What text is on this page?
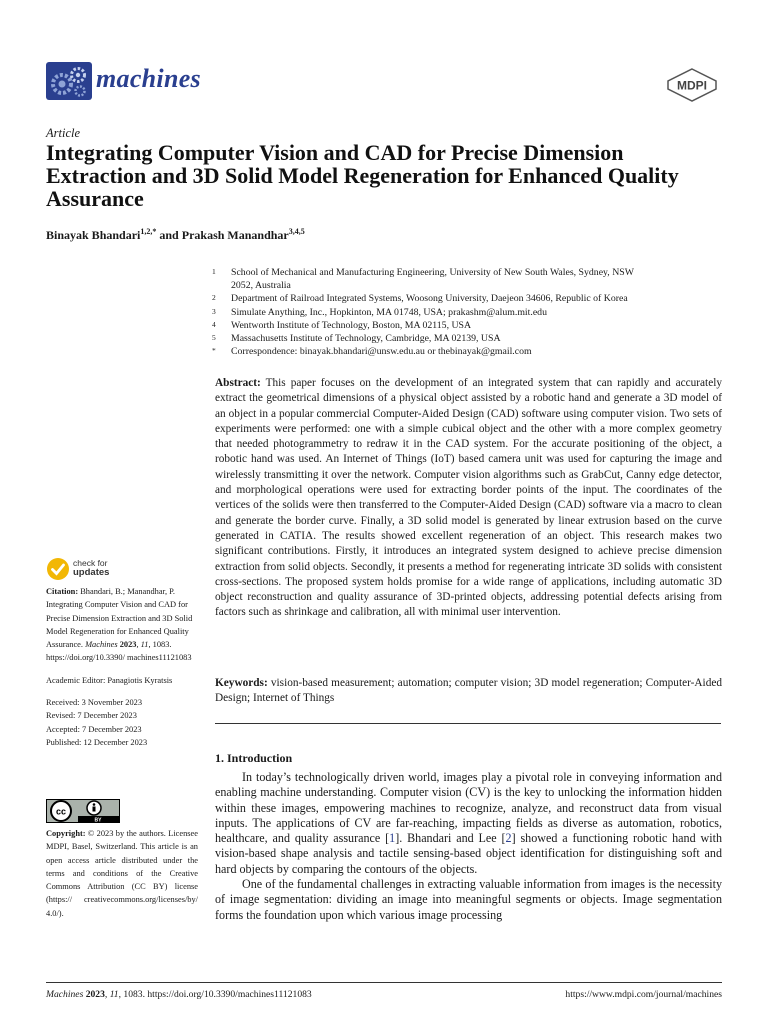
machines	MDPI
Article
Integrating Computer Vision and CAD for Precise Dimension Extraction and 3D Solid Model Regeneration for Enhanced Quality Assurance
Binayak Bhandari$^{1,2,*}$ and Prakash Manandhar$^{3,4,5}$
1	School of Mechanical and Manufacturing Engineering, University of New South Wales, Sydney, NSW 2052, Australia
2	Department of Railroad Integrated Systems, Woosong University, Daejeon 34606, Republic of Korea
3	Simulate Anything, Inc., Hopkinton, MA 01748, USA; prakashm@alum.mit.edu
4	Wentworth Institute of Technology, Boston, MA 02115, USA
5	Massachusetts Institute of Technology, Cambridge, MA 02139, USA
*	Correspondence: binayak.bhandari@unsw.edu.au or thebinayak@gmail.com
Abstract: This paper focuses on the development of an integrated system that can rapidly and accurately extract the geometrical dimensions of a physical object assisted by a robotic hand and generate a 3D model of an object in a popular commercial Computer-Aided Design (CAD) software using computer vision. Two sets of experiments were performed: one with a simple cubical object and the other with a more complex geometry that needed photogrammetry to redraw it in the CAD system. For the accurate positioning of the object, a robotic hand was used. An Internet of Things (IoT) based camera unit was used for capturing the image and wirelessly transmitting it over the network. Computer vision algorithms such as GrabCut, Canny edge detector, and morphological operations were used for extracting border points of the input. The coordinates of the vertices of the solids were then transferred to the Computer-Aided Design (CAD) software via a macro to clean and generate the border curve. Finally, a 3D solid model is generated by linear extrusion based on the curve generated in CATIA. The results showed excellent regeneration of an object. This research makes two significant contributions. Firstly, it introduces an integrated system designed to achieve precise dimension extraction from solid objects. Secondly, it presents a method for regenerating intricate 3D solids with consistent cross-sections. The proposed system holds promise for a wide range of applications, including automatic 3D object reconstruction and quality assurance of 3D-printed objects, addressing potential defects arising from factors such as shrinkage and calibration, all with minimal user intervention.
Keywords: vision-based measurement; automation; computer vision; 3D model regeneration; Computer-Aided Design; Internet of Things
1. Introduction

In today’s technologically driven world, images play a pivotal role in conveying information and enabling machine understanding. Computer vision (CV) is the key to unlocking the information hidden within these images, empowering machines to recognize, analyze, and reconstruct data from visual inputs. The applications of CV are far-reaching, impacting fields as diverse as automation, robotics, healthcare, and quality assurance [1]. Bhandari and Lee [2] showed a functioning robotic hand with vision-based shape analysis and tactile sensing-based object identification for distinguishing soft and hard objects by comparing the contours of the objects.

One of the fundamental challenges in extracting valuable information from images is the necessity of image segmentation: dividing an image into meaningful segments or objects. Image segmentation forms the foundation upon which various image processing

check for
updates
Citation: Bhandari, B.; Manandhar, P. Integrating Computer Vision and CAD for Precise Dimension Extraction and 3D Solid Model Regeneration for Enhanced Quality Assurance. Machines 2023, 11, 1083. https://doi.org/10.3390/ machines11121083
Academic Editor: Panagiotis Kyratsis
Received: 3 November 2023
Revised: 7 December 2023
Accepted: 7 December 2023
Published: 12 December 2023
cc
BY
Copyright: © 2023 by the authors. Licensee MDPI, Basel, Switzerland. This article is an open access article distributed under the terms and conditions of the Creative Commons Attribution (CC BY) license (https:// creativecommons.org/licenses/by/ 4.0/).
Machines 2023, 11, 1083. https://doi.org/10.3390/machines11121083	https://www.mdpi.com/journal/machines
